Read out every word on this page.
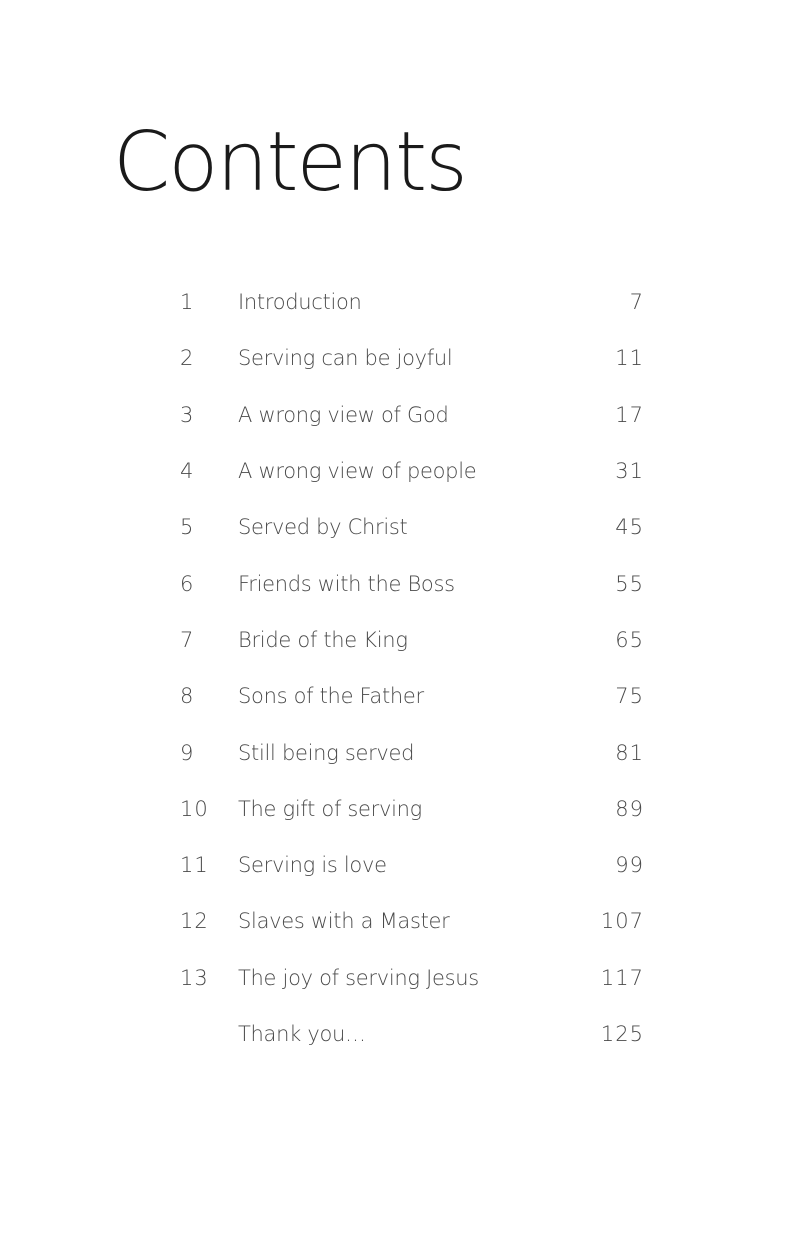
Contents
1	Introduction	7
2	Serving can be joyful	11
3	A wrong view of God	17
4	A wrong view of people	31
5	Served by Christ	45
6	Friends with the Boss	55
7	Bride of the King	65
8	Sons of the Father	75
9	Still being served	81
10	The gift of serving	89
11	Serving is love	99
12	Slaves with a Master	107
13	The joy of serving Jesus	117
Thank you…	125
